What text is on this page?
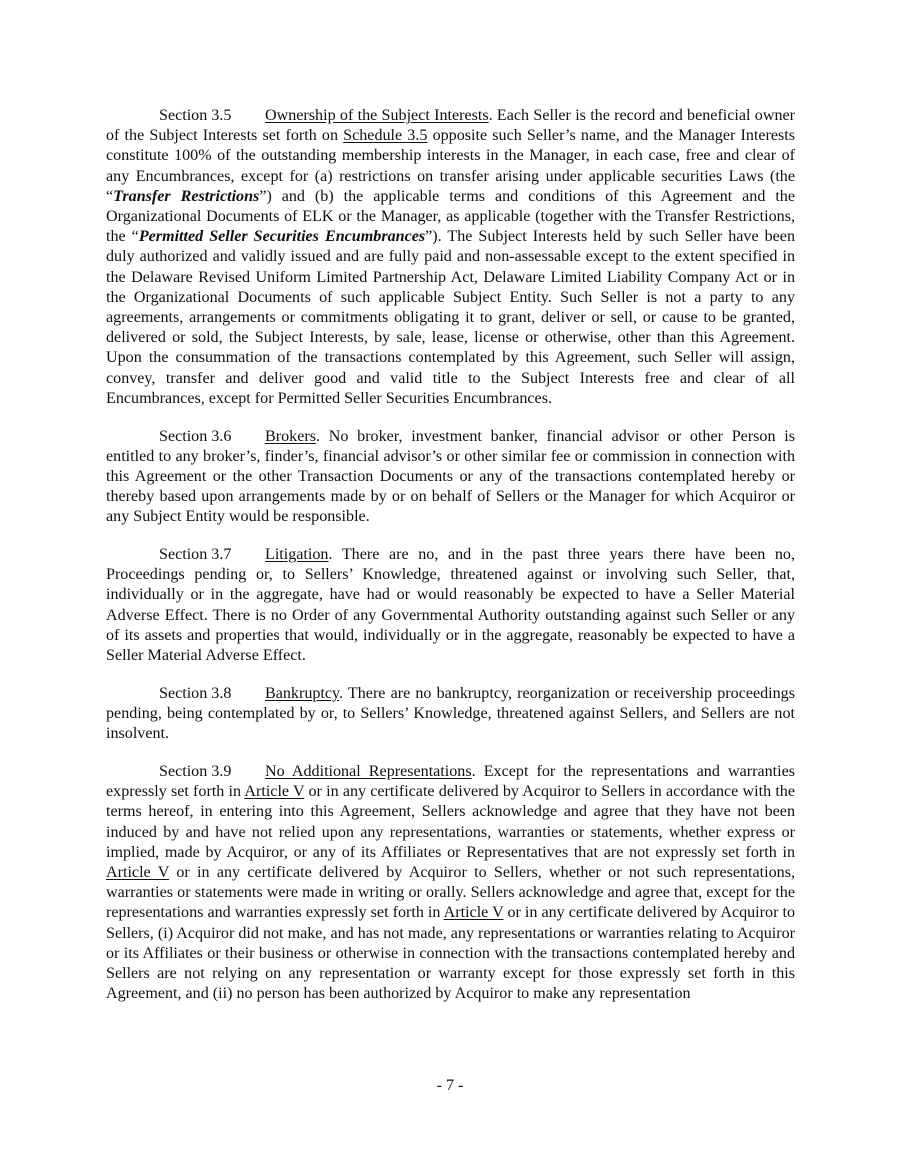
Section 3.5 Ownership of the Subject Interests. Each Seller is the record and beneficial owner of the Subject Interests set forth on Schedule 3.5 opposite such Seller’s name, and the Manager Interests constitute 100% of the outstanding membership interests in the Manager, in each case, free and clear of any Encumbrances, except for (a) restrictions on transfer arising under applicable securities Laws (the “Transfer Restrictions”) and (b) the applicable terms and conditions of this Agreement and the Organizational Documents of ELK or the Manager, as applicable (together with the Transfer Restrictions, the “Permitted Seller Securities Encumbrances”). The Subject Interests held by such Seller have been duly authorized and validly issued and are fully paid and non-assessable except to the extent specified in the Delaware Revised Uniform Limited Partnership Act, Delaware Limited Liability Company Act or in the Organizational Documents of such applicable Subject Entity. Such Seller is not a party to any agreements, arrangements or commitments obligating it to grant, deliver or sell, or cause to be granted, delivered or sold, the Subject Interests, by sale, lease, license or otherwise, other than this Agreement. Upon the consummation of the transactions contemplated by this Agreement, such Seller will assign, convey, transfer and deliver good and valid title to the Subject Interests free and clear of all Encumbrances, except for Permitted Seller Securities Encumbrances.

Section 3.6 Brokers. No broker, investment banker, financial advisor or other Person is entitled to any broker’s, finder’s, financial advisor’s or other similar fee or commission in connection with this Agreement or the other Transaction Documents or any of the transactions contemplated hereby or thereby based upon arrangements made by or on behalf of Sellers or the Manager for which Acquiror or any Subject Entity would be responsible.

Section 3.7 Litigation. There are no, and in the past three years there have been no, Proceedings pending or, to Sellers’ Knowledge, threatened against or involving such Seller, that, individually or in the aggregate, have had or would reasonably be expected to have a Seller Material Adverse Effect. There is no Order of any Governmental Authority outstanding against such Seller or any of its assets and properties that would, individually or in the aggregate, reasonably be expected to have a Seller Material Adverse Effect.

Section 3.8 Bankruptcy. There are no bankruptcy, reorganization or receivership proceedings pending, being contemplated by or, to Sellers’ Knowledge, threatened against Sellers, and Sellers are not insolvent.

Section 3.9 No Additional Representations. Except for the representations and warranties expressly set forth in Article V or in any certificate delivered by Acquiror to Sellers in accordance with the terms hereof, in entering into this Agreement, Sellers acknowledge and agree that they have not been induced by and have not relied upon any representations, warranties or statements, whether express or implied, made by Acquiror, or any of its Affiliates or Representatives that are not expressly set forth in Article V or in any certificate delivered by Acquiror to Sellers, whether or not such representations, warranties or statements were made in writing or orally. Sellers acknowledge and agree that, except for the representations and warranties expressly set forth in Article V or in any certificate delivered by Acquiror to Sellers, (i) Acquiror did not make, and has not made, any representations or warranties relating to Acquiror or its Affiliates or their business or otherwise in connection with the transactions contemplated hereby and Sellers are not relying on any representation or warranty except for those expressly set forth in this Agreement, and (ii) no person has been authorized by Acquiror to make any representation

- 7 -
